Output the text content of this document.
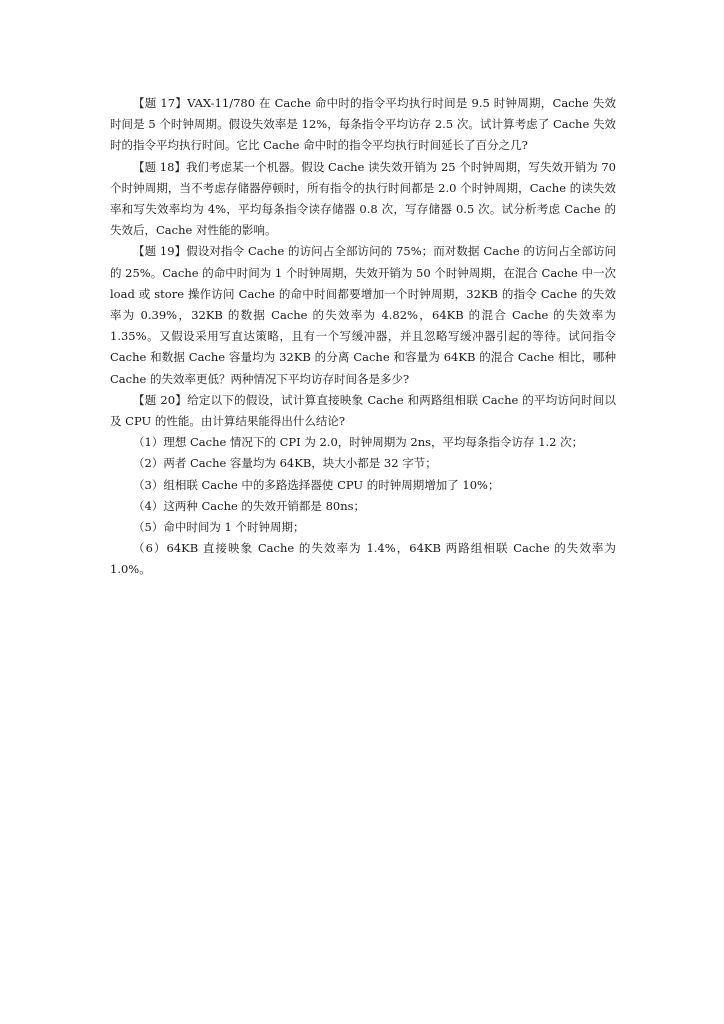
【题 17】VAX-11/780 在 Cache 命中时的指令平均执行时间是 9.5 时钟周期，Cache 失效时间是 5 个时钟周期。假设失效率是 12%，每条指令平均访存 2.5 次。试计算考虑了 Cache 失效时的指令平均执行时间。它比 Cache 命中时的指令平均执行时间延长了百分之几?

【题 18】我们考虑某一个机器。假设 Cache 读失效开销为 25 个时钟周期，写失效开销为 70 个时钟周期，当不考虑存储器停顿时，所有指令的执行时间都是 2.0 个时钟周期，Cache 的读失效率和写失效率均为 4%，平均每条指令读存储器 0.8 次，写存储器 0.5 次。试分析考虑 Cache 的失效后，Cache 对性能的影响。

【题 19】假设对指令 Cache 的访问占全部访问的 75%；而对数据 Cache 的访问占全部访问的 25%。Cache 的命中时间为 1 个时钟周期，失效开销为 50 个时钟周期，在混合 Cache 中一次 load 或 store 操作访问 Cache 的命中时间都要增加一个时钟周期，32KB 的指令 Cache 的失效率为 0.39%，32KB 的数据 Cache 的失效率为 4.82%，64KB 的混合 Cache 的失效率为 1.35%。又假设采用写直达策略，且有一个写缓冲器，并且忽略写缓冲器引起的等待。试问指令 Cache 和数据 Cache 容量均为 32KB 的分离 Cache 和容量为 64KB 的混合 Cache 相比，哪种 Cache 的失效率更低？两种情况下平均访存时间各是多少?

【题 20】给定以下的假设，试计算直接映象 Cache 和两路组相联 Cache 的平均访问时间以及 CPU 的性能。由计算结果能得出什么结论?

（1）理想 Cache 情况下的 CPI 为 2.0，时钟周期为 2ns，平均每条指令访存 1.2 次；

（2）两者 Cache 容量均为 64KB，块大小都是 32 字节；

（3）组相联 Cache 中的多路选择器使 CPU 的时钟周期增加了 10%；

（4）这两种 Cache 的失效开销都是 80ns；

（5）命中时间为 1 个时钟周期；

（6）64KB 直接映象 Cache 的失效率为 1.4%，64KB 两路组相联 Cache 的失效率为 1.0%。
